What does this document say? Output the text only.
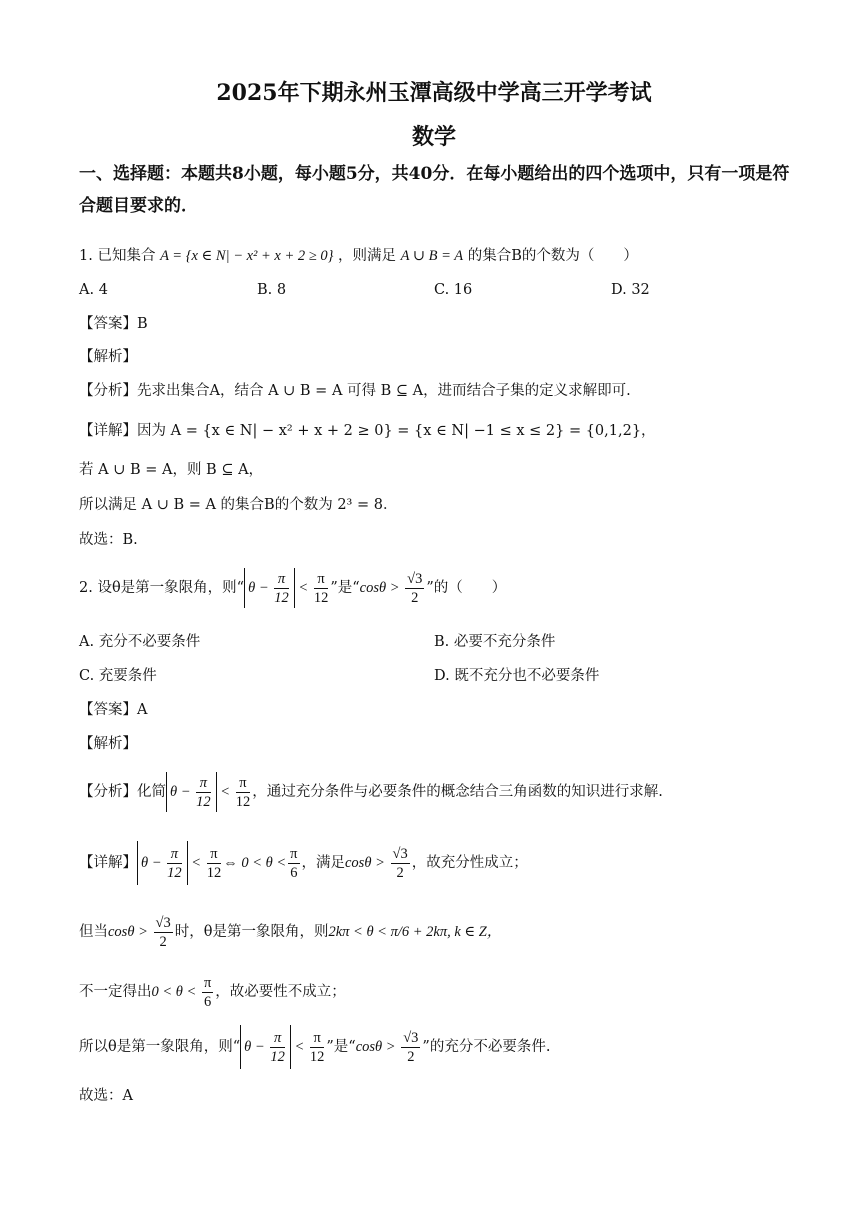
2025年下期永州玉潭高级中学高三开学考试
数学
一、选择题：本题共8小题，每小题5分，共40分．在每小题给出的四个选项中，只有一项是符合题目要求的．
1. 已知集合 A = {x ∈ N| − x² + x + 2 ≥ 0} ，则满足 A ∪ B = A 的集合B的个数为（　　）
A. 4	B. 8	C. 16	D. 32
【答案】B
【解析】
【分析】先求出集合A，结合 A ∪ B = A 可得 B ⊆ A，进而结合子集的定义求解即可.
【详解】因为 A = {x ∈ N| − x² + x + 2 ≥ 0} = {x ∈ N| −1 ≤ x ≤ 2} = {0,1,2}，
若 A ∪ B = A，则 B ⊆ A，
所以满足 A ∪ B = A 的集合B的个数为 2³ = 8．
故选：B.
2. 设θ是第一象限角，则“ $\theta - \frac{\pi}{12} < \frac{\pi}{12}$ ”是“$\cos\theta > \frac{√3}{2}$ ”的（　　）
A. 充分不必要条件	B. 必要不充分条件
C. 充要条件	D. 既不充分也不必要条件
【答案】A
【解析】
【分析】化简 $\theta - \frac{\pi}{12} < \frac{\pi}{12}$ ，通过充分条件与必要条件的概念结合三角函数的知识进行求解.
【详解】 $\theta - \frac{\pi}{12} < \frac{\pi}{12}$ ⇔ $0 < \theta < \frac{\pi}{6}$ ，满足$\cos\theta > \frac{√3}{2}$ ，故充分性成立；
但当$\cos\theta > \frac{√3}{2}$ 时，θ是第一象限角，则2kπ < θ < π/6 + 2kπ, k ∈ Z，
不一定得出$0 < \theta < \frac{\pi}{6}$ ，故必要性不成立；
所以θ是第一象限角，则“ $\theta - \frac{\pi}{12} < \frac{\pi}{12}$ ”是“$\cos\theta > \frac{√3}{2}$ ”的充分不必要条件.
故选：A
